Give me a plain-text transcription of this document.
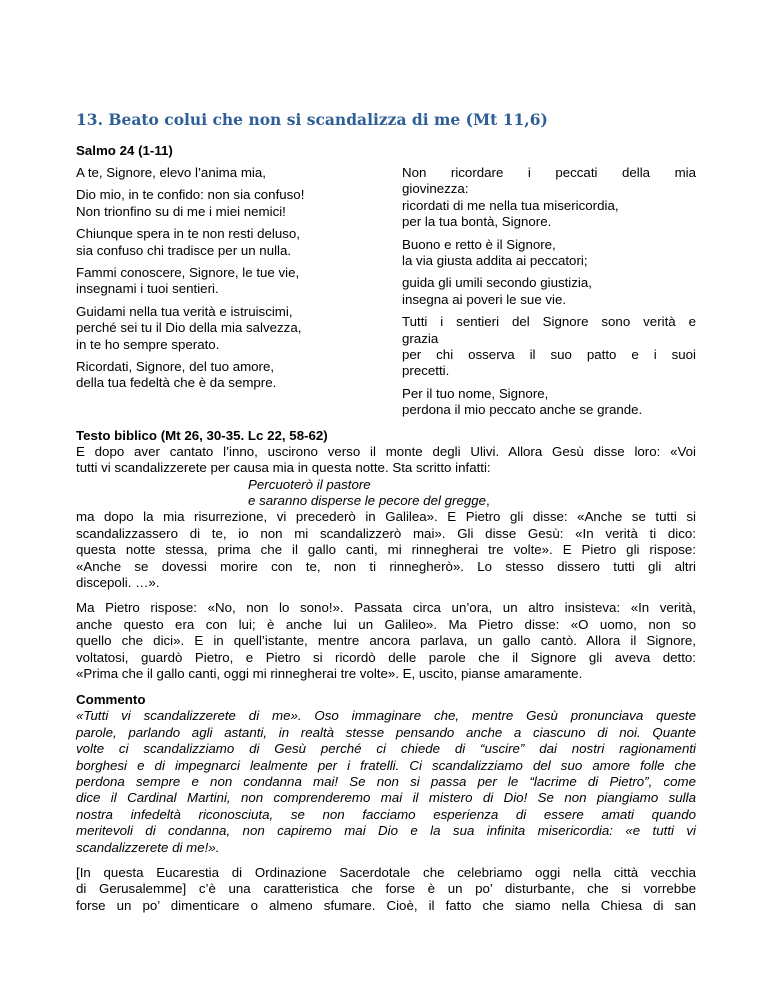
13. Beato colui che non si scandalizza di me (Mt 11,6)
Salmo 24 (1-11)
A te, Signore, elevo l’anima mia,
Dio mio, in te confido: non sia confuso!
Non trionfino su di me i miei nemici!
Chiunque spera in te non resti deluso,
sia confuso chi tradisce per un nulla.
Fammi conoscere, Signore, le tue vie,
insegnami i tuoi sentieri.
Guidami nella tua verità e istruiscimi,
perché sei tu il Dio della mia salvezza,
in te ho sempre sperato.
Ricordati, Signore, del tuo amore,
della tua fedeltà che è da sempre.
Non ricordare i peccati della mia
giovinezza:
ricordati di me nella tua misericordia,
per la tua bontà, Signore.
Buono e retto è il Signore,
la via giusta addita ai peccatori;
guida gli umili secondo giustizia,
insegna ai poveri le sue vie.
Tutti i sentieri del Signore sono verità e
grazia
per chi osserva il suo patto e i suoi
precetti.
Per il tuo nome, Signore,
perdona il mio peccato anche se grande.
Testo biblico (Mt 26, 30-35. Lc 22, 58-62)
E dopo aver cantato l’inno, uscirono verso il monte degli Ulivi. Allora Gesù disse loro: «Voi
tutti vi scandalizzerete per causa mia in questa notte. Sta scritto infatti:
Percuoterò il pastore
e saranno disperse le pecore del gregge,
ma dopo la mia risurrezione, vi precederò in Galilea». E Pietro gli disse: «Anche se tutti si
scandalizzassero di te, io non mi scandalizzerò mai». Gli disse Gesù: «In verità ti dico:
questa notte stessa, prima che il gallo canti, mi rinnegherai tre volte». E Pietro gli rispose:
«Anche se dovessi morire con te, non ti rinnegherò». Lo stesso dissero tutti gli altri
discepoli. …».
Ma Pietro rispose: «No, non lo sono!». Passata circa un’ora, un altro insisteva: «In verità,
anche questo era con lui; è anche lui un Galileo». Ma Pietro disse: «O uomo, non so
quello che dici». E in quell’istante, mentre ancora parlava, un gallo cantò. Allora il Signore,
voltatosi, guardò Pietro, e Pietro si ricordò delle parole che il Signore gli aveva detto:
«Prima che il gallo canti, oggi mi rinnegherai tre volte». E, uscito, pianse amaramente.
Commento
«Tutti vi scandalizzerete di me». Oso immaginare che, mentre Gesù pronunciava queste
parole, parlando agli astanti, in realtà stesse pensando anche a ciascuno di noi. Quante
volte ci scandalizziamo di Gesù perché ci chiede di “uscire” dai nostri ragionamenti
borghesi e di impegnarci lealmente per i fratelli. Ci scandalizziamo del suo amore folle che
perdona sempre e non condanna mai! Se non si passa per le “lacrime di Pietro”, come
dice il Cardinal Martini, non comprenderemo mai il mistero di Dio! Se non piangiamo sulla
nostra infedeltà riconosciuta, se non facciamo esperienza di essere amati quando
meritevoli di condanna, non capiremo mai Dio e la sua infinita misericordia: «e tutti vi
scandalizzerete di me!».
[In questa Eucarestia di Ordinazione Sacerdotale che celebriamo oggi nella città vecchia
di Gerusalemme] c’è una caratteristica che forse è un po’ disturbante, che si vorrebbe
forse un po’ dimenticare o almeno sfumare. Cioè, il fatto che siamo nella Chiesa di san
